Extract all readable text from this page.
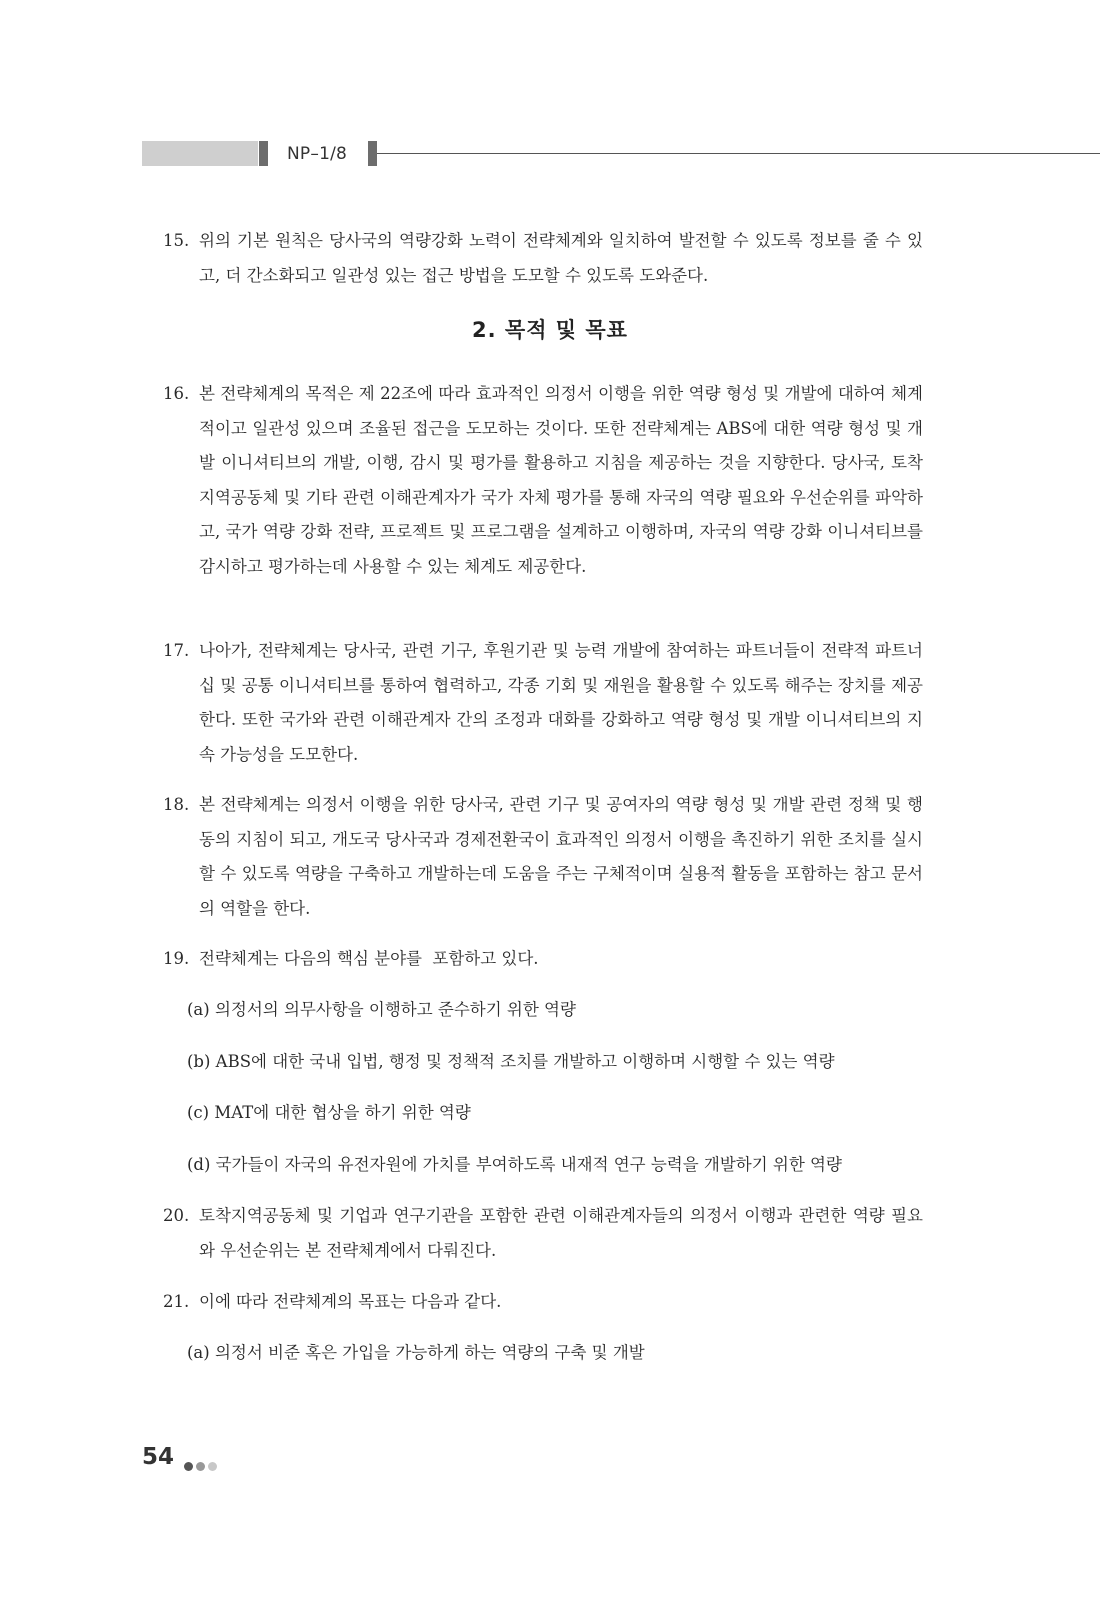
NP–1/8
15. 위의 기본 원칙은 당사국의 역량강화 노력이 전략체계와 일치하여 발전할 수 있도록 정보를 줄 수 있고, 더 간소화되고 일관성 있는 접근 방법을 도모할 수 있도록 도와준다.
2. 목적 및 목표
16. 본 전략체계의 목적은 제 22조에 따라 효과적인 의정서 이행을 위한 역량 형성 및 개발에 대하여 체계적이고 일관성 있으며 조율된 접근을 도모하는 것이다. 또한 전략체계는 ABS에 대한 역량 형성 및 개발 이니셔티브의 개발, 이행, 감시 및 평가를 활용하고 지침을 제공하는 것을 지향한다. 당사국, 토착 지역공동체 및 기타 관련 이해관계자가 국가 자체 평가를 통해 자국의 역량 필요와 우선순위를 파악하고, 국가 역량 강화 전략, 프로젝트 및 프로그램을 설계하고 이행하며, 자국의 역량 강화 이니셔티브를 감시하고 평가하는데 사용할 수 있는 체계도 제공한다.
17. 나아가, 전략체계는 당사국, 관련 기구, 후원기관 및 능력 개발에 참여하는 파트너들이 전략적 파트너십 및 공통 이니셔티브를 통하여 협력하고, 각종 기회 및 재원을 활용할 수 있도록 해주는 장치를 제공한다. 또한 국가와 관련 이해관계자 간의 조정과 대화를 강화하고 역량 형성 및 개발 이니셔티브의 지속 가능성을 도모한다.
18. 본 전략체계는 의정서 이행을 위한 당사국, 관련 기구 및 공여자의 역량 형성 및 개발 관련 정책 및 행동의 지침이 되고, 개도국 당사국과 경제전환국이 효과적인 의정서 이행을 촉진하기 위한 조치를 실시할 수 있도록 역량을 구축하고 개발하는데 도움을 주는 구체적이며 실용적 활동을 포함하는 참고 문서의 역할을 한다.
19. 전략체계는 다음의 핵심 분야를  포함하고 있다.
(a) 의정서의 의무사항을 이행하고 준수하기 위한 역량
(b) ABS에 대한 국내 입법, 행정 및 정책적 조치를 개발하고 이행하며 시행할 수 있는 역량
(c) MAT에 대한 협상을 하기 위한 역량
(d) 국가들이 자국의 유전자원에 가치를 부여하도록 내재적 연구 능력을 개발하기 위한 역량
20. 토착지역공동체 및 기업과 연구기관을 포함한 관련 이해관계자들의 의정서 이행과 관련한 역량 필요와 우선순위는 본 전략체계에서 다뤄진다.
21. 이에 따라 전략체계의 목표는 다음과 같다.
(a) 의정서 비준 혹은 가입을 가능하게 하는 역량의 구축 및 개발
54
